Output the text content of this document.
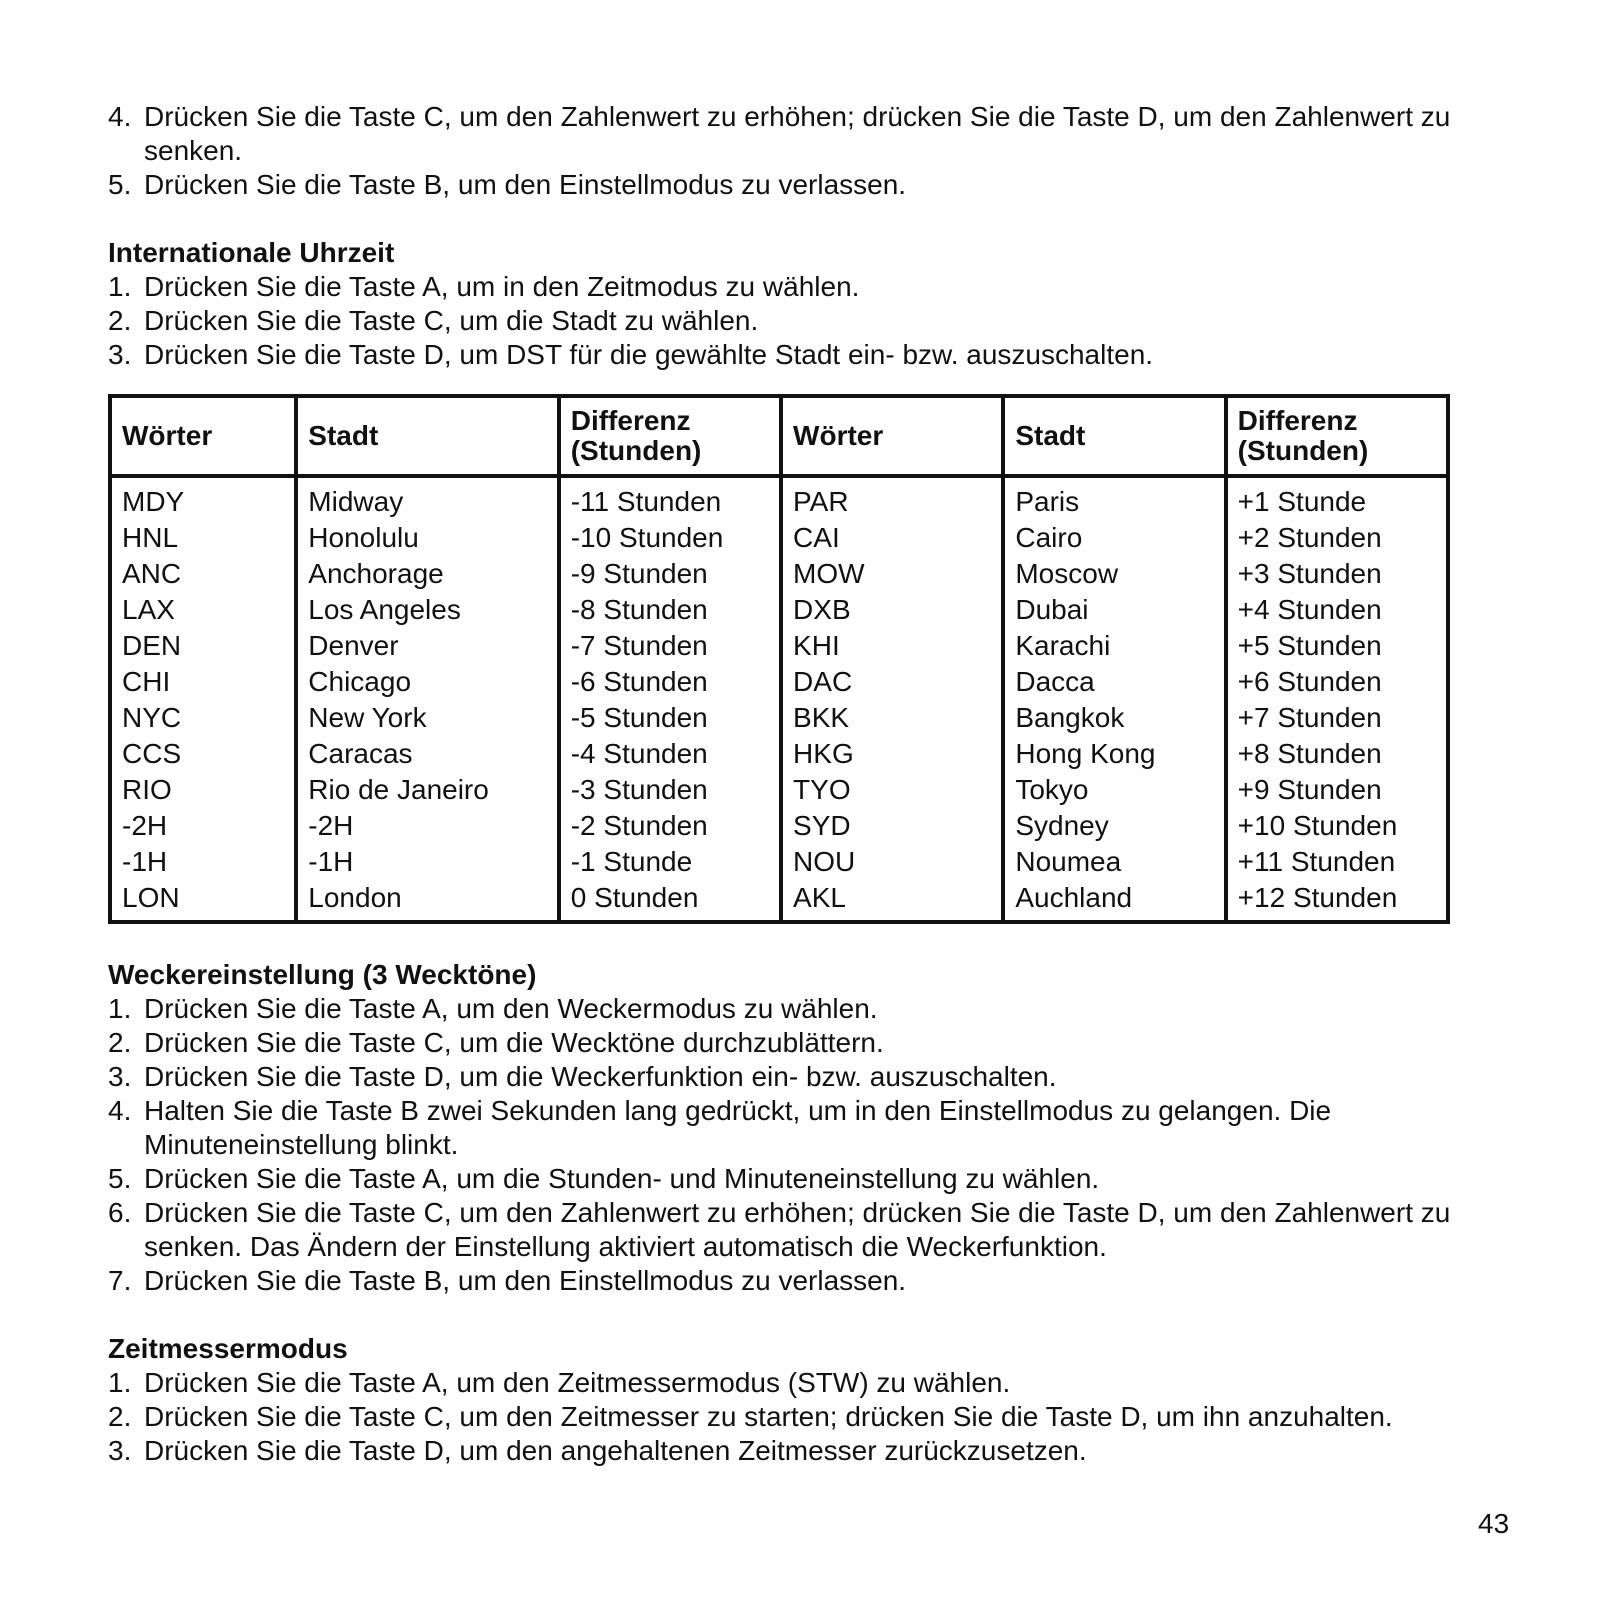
4. Drücken Sie die Taste C, um den Zahlenwert zu erhöhen; drücken Sie die Taste D, um den Zahlenwert zu senken.
5. Drücken Sie die Taste B, um den Einstellmodus zu verlassen.
Internationale Uhrzeit
1. Drücken Sie die Taste A, um in den Zeitmodus zu wählen.
2. Drücken Sie die Taste C, um die Stadt zu wählen.
3. Drücken Sie die Taste D, um DST für die gewählte Stadt ein- bzw. auszuschalten.
Wörter	Stadt	Differenz (Stunden)	Wörter	Stadt	Differenz (Stunden)
MDY	Midway	-11 Stunden	PAR	Paris	+1 Stunde
HNL	Honolulu	-10 Stunden	CAI	Cairo	+2 Stunden
ANC	Anchorage	-9 Stunden	MOW	Moscow	+3 Stunden
LAX	Los Angeles	-8 Stunden	DXB	Dubai	+4 Stunden
DEN	Denver	-7 Stunden	KHI	Karachi	+5 Stunden
CHI	Chicago	-6 Stunden	DAC	Dacca	+6 Stunden
NYC	New York	-5 Stunden	BKK	Bangkok	+7 Stunden
CCS	Caracas	-4 Stunden	HKG	Hong Kong	+8 Stunden
RIO	Rio de Janeiro	-3 Stunden	TYO	Tokyo	+9 Stunden
-2H	-2H	-2 Stunden	SYD	Sydney	+10 Stunden
-1H	-1H	-1 Stunde	NOU	Noumea	+11 Stunden
LON	London	0 Stunden	AKL	Auchland	+12 Stunden
Weckereinstellung (3 Wecktöne)
1. Drücken Sie die Taste A, um den Weckermodus zu wählen.
2. Drücken Sie die Taste C, um die Wecktöne durchzublättern.
3. Drücken Sie die Taste D, um die Weckerfunktion ein- bzw. auszuschalten.
4. Halten Sie die Taste B zwei Sekunden lang gedrückt, um in den Einstellmodus zu gelangen. Die Minuteneinstellung blinkt.
5. Drücken Sie die Taste A, um die Stunden- und Minuteneinstellung zu wählen.
6. Drücken Sie die Taste C, um den Zahlenwert zu erhöhen; drücken Sie die Taste D, um den Zahlenwert zu senken. Das Ändern der Einstellung aktiviert automatisch die Weckerfunktion.
7. Drücken Sie die Taste B, um den Einstellmodus zu verlassen.
Zeitmessermodus
1. Drücken Sie die Taste A, um den Zeitmessermodus (STW) zu wählen.
2. Drücken Sie die Taste C, um den Zeitmesser zu starten; drücken Sie die Taste D, um ihn anzuhalten.
3. Drücken Sie die Taste D, um den angehaltenen Zeitmesser zurückzusetzen.
43
